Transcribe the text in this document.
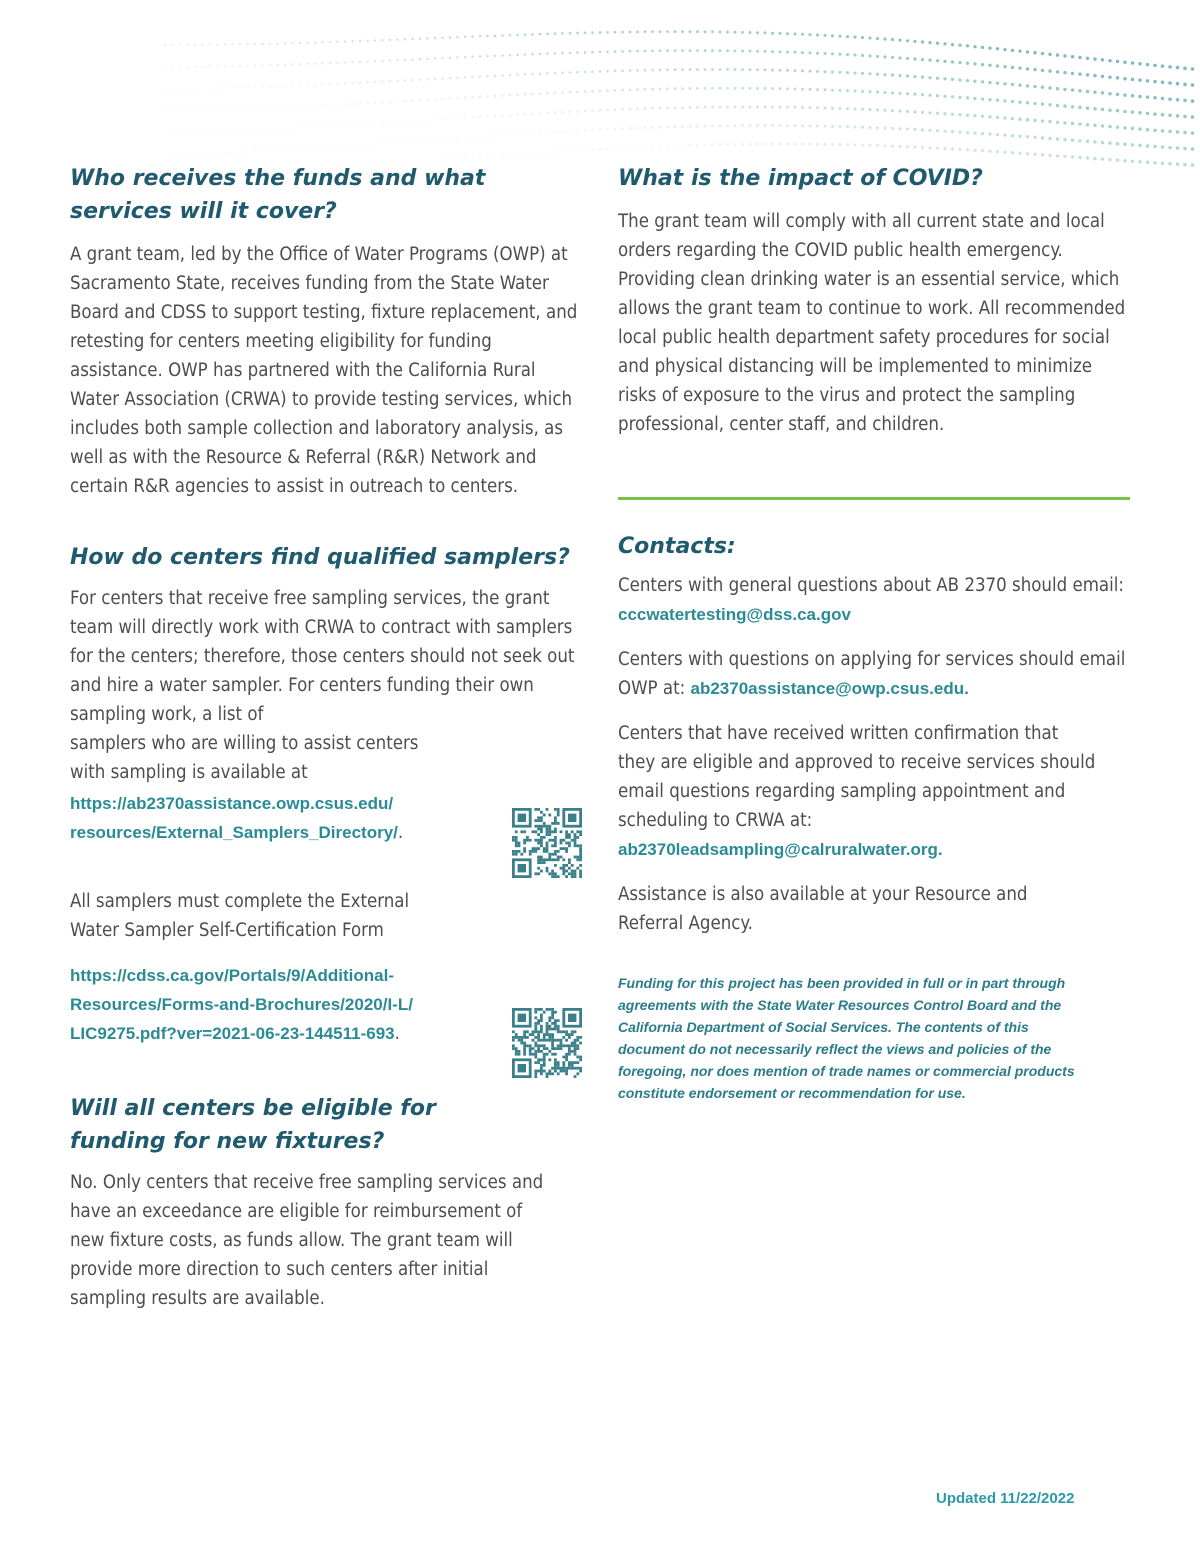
Who receives the funds and what services will it cover?

A grant team, led by the Office of Water Programs (OWP) at Sacramento State, receives funding from the State Water Board and CDSS to support testing, fixture replacement, and retesting for centers meeting eligibility for funding assistance. OWP has partnered with the California Rural Water Association (CRWA) to provide testing services, which includes both sample collection and laboratory analysis, as well as with the Resource & Referral (R&R) Network and certain R&R agencies to assist in outreach to centers.

How do centers find qualified samplers?

For centers that receive free sampling services, the grant team will directly work with CRWA to contract with samplers for the centers; therefore, those centers should not seek out and hire a water sampler. For centers funding their own sampling work, a list of

samplers who are willing to assist centers

with sampling is available at

https://ab2370assistance.owp.csus.edu/
resources/External_Samplers_Directory/.

All samplers must complete the External

Water Sampler Self-Certification Form

https://cdss.ca.gov/Portals/9/Additional-
Resources/Forms-and-Brochures/2020/I-L/
LIC9275.pdf?ver=2021-06-23-144511-693.

Will all centers be eligible for funding for new fixtures?

No. Only centers that receive free sampling services and have an exceedance are eligible for reimbursement of new fixture costs, as funds allow. The grant team will provide more direction to such centers after initial sampling results are available.

What is the impact of COVID?

The grant team will comply with all current state and local orders regarding the COVID public health emergency. Providing clean drinking water is an essential service, which allows the grant team to continue to work. All recommended local public health department safety procedures for social and physical distancing will be implemented to minimize risks of exposure to the virus and protect the sampling professional, center staff, and children.

Contacts:

Centers with general questions about AB 2370 should email: cccwatertesting@dss.ca.gov

Centers with questions on applying for services should email OWP at: ab2370assistance@owp.csus.edu.

Centers that have received written confirmation that they are eligible and approved to receive services should email questions regarding sampling appointment and scheduling to CRWA at: ab2370leadsampling@calruralwater.org.

Assistance is also available at your Resource and Referral Agency.

Funding for this project has been provided in full or in part through agreements with the State Water Resources Control Board and the California Department of Social Services. The contents of this document do not necessarily reflect the views and policies of the foregoing, nor does mention of trade names or commercial products constitute endorsement or recommendation for use.

Updated 11/22/2022
